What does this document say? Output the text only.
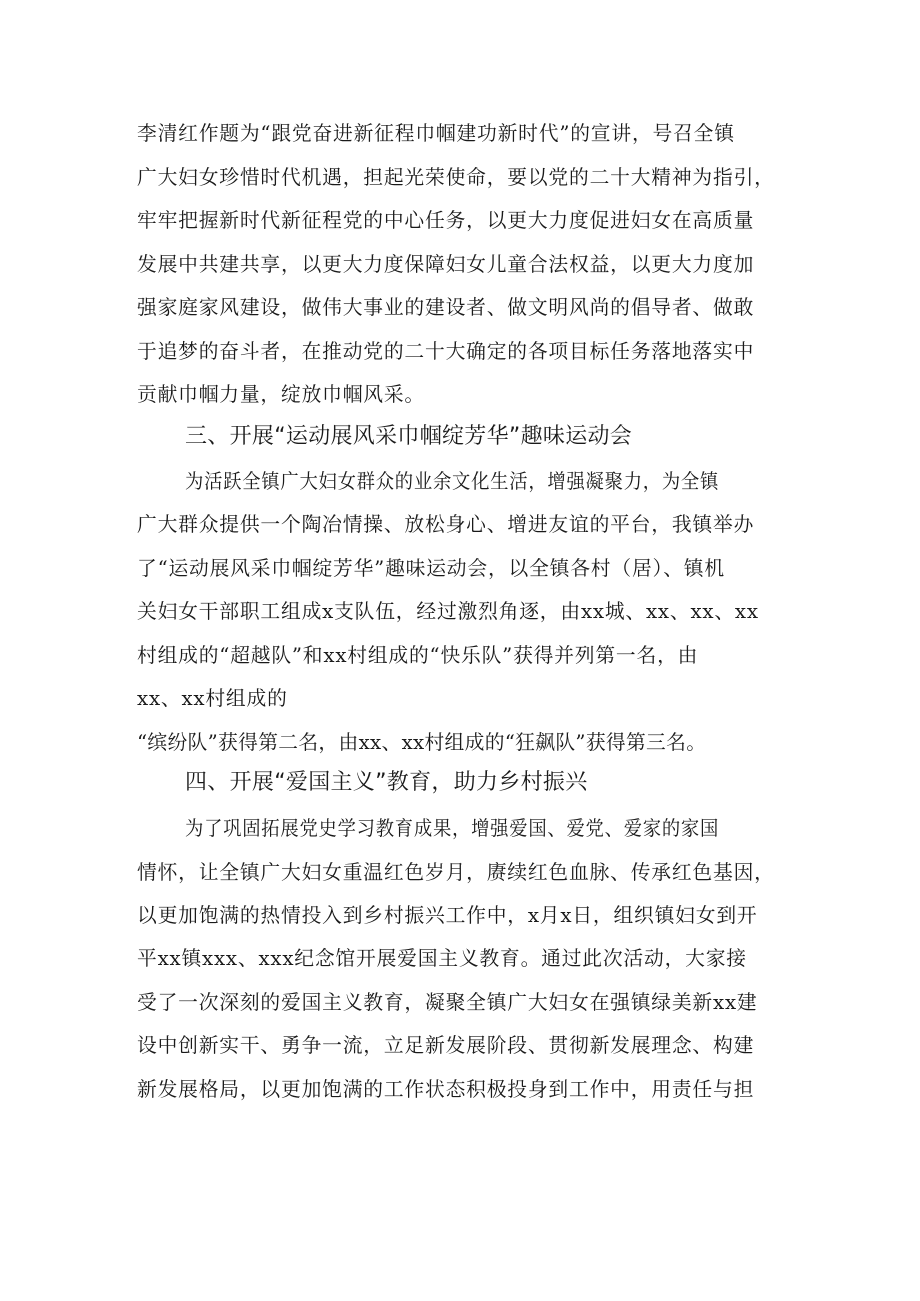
李清红作题为“跟党奋进新征程巾帼建功新时代”的宣讲，号召全镇
广大妇女珍惜时代机遇，担起光荣使命，要以党的二十大精神为指引，
牢牢把握新时代新征程党的中心任务，以更大力度促进妇女在高质量
发展中共建共享，以更大力度保障妇女儿童合法权益，以更大力度加
强家庭家风建设，做伟大事业的建设者、做文明风尚的倡导者、做敢
于追梦的奋斗者，在推动党的二十大确定的各项目标任务落地落实中
贡献巾帼力量，绽放巾帼风采。
三、开展“运动展风采巾帼绽芳华”趣味运动会
为活跃全镇广大妇女群众的业余文化生活，增强凝聚力，为全镇
广大群众提供一个陶冶情操、放松身心、增进友谊的平台，我镇举办
了“运动展风采巾帼绽芳华”趣味运动会，以全镇各村（居）、镇机
关妇女干部职工组成x支队伍，经过激烈角逐，由xx城、xx、xx、xx
村组成的“超越队”和xx村组成的“快乐队”获得并列第一名，由
xx、xx村组成的
“缤纷队”获得第二名，由xx、xx村组成的“狂飙队”获得第三名。
四、开展“爱国主义”教育，助力乡村振兴
为了巩固拓展党史学习教育成果，增强爱国、爱党、爱家的家国
情怀，让全镇广大妇女重温红色岁月，赓续红色血脉、传承红色基因，
以更加饱满的热情投入到乡村振兴工作中，x月x日，组织镇妇女到开
平xx镇xxx、xxx纪念馆开展爱国主义教育。通过此次活动，大家接
受了一次深刻的爱国主义教育，凝聚全镇广大妇女在强镇绿美新xx建
设中创新实干、勇争一流，立足新发展阶段、贯彻新发展理念、构建
新发展格局，以更加饱满的工作状态积极投身到工作中，用责任与担
